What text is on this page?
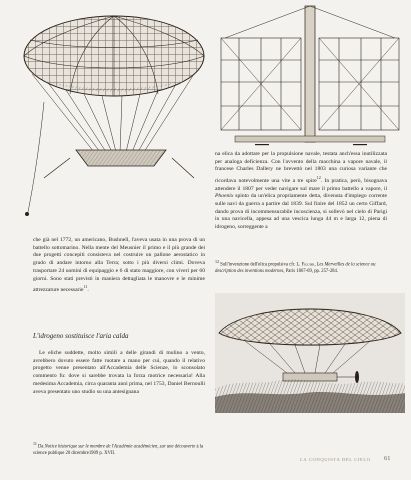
che già nel 1772, un americano, Bushnell, l'aveva usata in una prova di un battello sottomarino. Nella mente del Meusnier il primo e il più grande dei due progetti concepiti consisteva nel costruire un pallone aerostatico in grado di andare intorno alla Terra; sotto i più diversi climi. Doveva trasportare 24 uomini di equipaggio e 6 di stato maggiore, con viveri per 60 giorni. Sono stati previsti in maniera dettagliata le manovre e le minime attrezzature necessarie$^{11}$.

L'idrogeno sostituisce l'aria calda

Le eliche suddette, molto simili a delle girandi di mulino a vento, avrebbero dovuto essere fatte ruotare a mano per cui, quando il relativo progetto venne presentato all'Accademia delle Scienze, lo sconsolato commento fu: dove si sarebbe trovata la forza motrice necessaria! Alla medesima Accademia, circa quaranta anni prima, nel 1753, Daniel Bernoulli aveva presentato uno studio su una antesignana

11 Da Notice historique sur le membre de l'Académie académicien, sur une découverte à la science publique 20 dicembre1909 p. XVII.

na elica da adottare per la propulsione navale, testata anch'essa inutilizzata per analoga deficienza. Con l'avvento della macchina a vapore navale, il francese Charles Dallery ne brevettò nel 1803 una curiosa variante che ricordava notevolmente una vite a tre spire$^{12}$. In pratica, però, bisognava attendere il 1807 per veder navigare sul mare il primo battello a vapore, il Phoenix spinto da un'elica propriamente detta, divenuta d'impiego corrente sulle navi da guerra a partire dal 1839. Sul finire del 1852 un certo Giffard, dando prova di incommensurabile incoscienza, si sollevò nel cielo di Parigi in una navicella, appesa ad una vescica lunga 44 m e larga 12, piena di idrogeno, sorreggente a

12 Sull'invenzione dell'elica propulsiva cfr. L. Figuier, Les Merveilles de la science ou description des inventions modernes, Paris 1867-69, pp. 257-284.
LA CONQUISTA DEL CIELO 61
